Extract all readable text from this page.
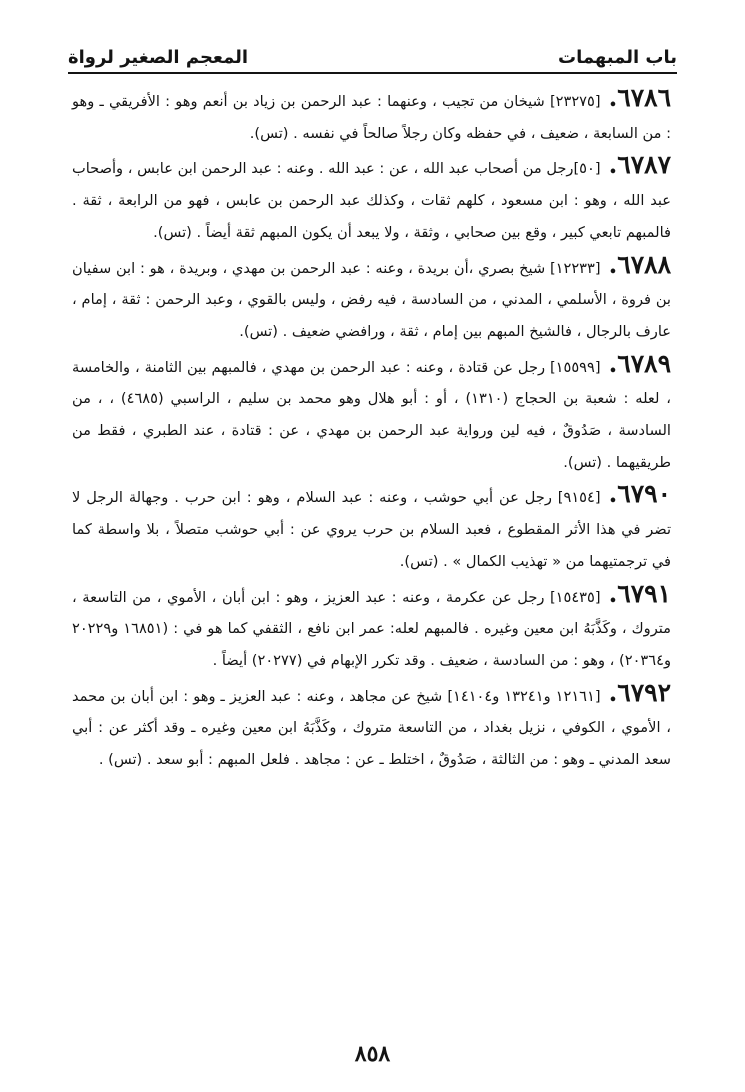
باب المبهمات
المعجم الصغير لرواة

٦٧٨٦.[٢٣٢٧٥] شيخان من تجيب ، وعنهما : عبد الرحمن بن زياد بن أنعم وهو : الأفريقي ـ وهو : من السابعة ، ضعيف ، في حفظه وكان رجلاً صالحاً في نفسه . (تس).

٦٧٨٧.[٥٠]رجل من أصحاب عبد الله ، عن : عبد الله . وعنه : عبد الرحمن ابن عابس ، وأصحاب عبد الله ، وهو : ابن مسعود ، كلهم ثقات ، وكذلك عبد الرحمن بن عابس ، فهو من الرابعة ، ثقة . فالمبهم تابعي كبير ، وقع بين صحابي ، وثقة ، ولا يبعد أن يكون المبهم ثقة أيضاً . (تس).

٦٧٨٨.[١٢٢٣٣] شيخ بصري ،أن بريدة ، وعنه : عبد الرحمن بن مهدي ، وبريدة ، هو : ابن سفيان بن فروة ، الأسلمي ، المدني ، من السادسة ، فيه رفض ، وليس بالقوي ، وعبد الرحمن : ثقة ، إمام ، عارف بالرجال ، فالشيخ المبهم بين إمام ، ثقة ، ورافضي ضعيف . (تس).

٦٧٨٩.[١٥٥٩٩] رجل عن قتادة ، وعنه : عبد الرحمن بن مهدي ، فالمبهم بين الثامنة ، والخامسة ، لعله : شعبة بن الحجاج (١٣١٠) ، أو : أبو هلال وهو محمد بن سليم ، الراسبي (٤٦٨٥) ، ، من السادسة ، صَدُوقٌ ، فيه لين ورواية عبد الرحمن بن مهدي ، عن : قتادة ، عند الطبري ، فقط من طريقيهما . (تس).

٦٧٩٠.[٩١٥٤] رجل عن أبي حوشب ، وعنه : عبد السلام ، وهو : ابن حرب . وجهالة الرجل لا تضر في هذا الأثر المقطوع ، فعبد السلام بن حرب يروي عن : أبي حوشب متصلاً ، بلا واسطة كما في ترجمتيهما من « تهذيب الكمال » . (تس).

٦٧٩١.[١٥٤٣٥] رجل عن عكرمة ، وعنه : عبد العزيز ، وهو : ابن أبان ، الأموي ، من التاسعة ، متروك ، وكَذَّبَهُ ابن معين وغيره . فالمبهم لعله: عمر ابن نافع ، الثقفي كما هو في : (١٦٨٥١ و٢٠٢٢٩ و٢٠٣٦٤) ، وهو : من السادسة ، ضعيف . وقد تكرر الإبهام في (٢٠٢٧٧) أيضاً .

٦٧٩٢.[١٢١٦١ و١٣٢٤١ و١٤١٠٤] شيخ عن مجاهد ، وعنه : عبد العزيز ـ وهو : ابن أبان بن محمد ، الأموي ، الكوفي ، نزيل بغداد ، من التاسعة متروك ، وكَذَّبَهُ ابن معين وغيره ـ وقد أكثر عن : أبي سعد المدني ـ وهو : من الثالثة ، صَدُوقٌ ، اختلط ـ عن : مجاهد . فلعل المبهم : أبو سعد . (تس) .

٨٥٨
